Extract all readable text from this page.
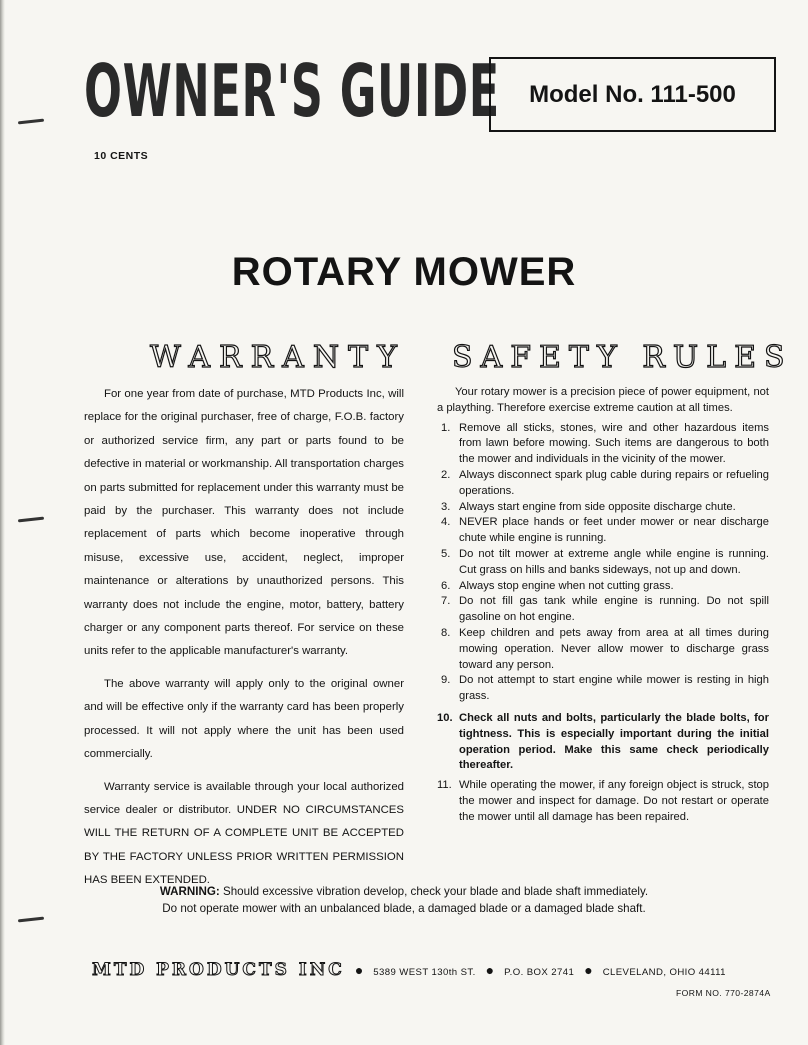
OWNER'S GUIDE Model No. 111-500
10 CENTS
ROTARY MOWER
WARRANTY SAFETY RULES

For one year from date of purchase, MTD Products Inc, will replace for the original purchaser, free of charge, F.O.B. factory or authorized service firm, any part or parts found to be defective in material or workmanship. All transportation charges on parts submitted for replacement under this warranty must be paid by the purchaser. This warranty does not include replacement of parts which become inoperative through misuse, excessive use, accident, neglect, improper maintenance or alterations by unauthorized persons. This warranty does not include the engine, motor, battery, battery charger or any component parts thereof. For service on these units refer to the applicable manufacturer's warranty.

The above warranty will apply only to the original owner and will be effective only if the warranty card has been properly processed. It will not apply where the unit has been used commercially.

Warranty service is available through your local authorized service dealer or distributor. UNDER NO CIRCUMSTANCES WILL THE RETURN OF A COMPLETE UNIT BE ACCEPTED BY THE FACTORY UNLESS PRIOR WRITTEN PERMISSION HAS BEEN EXTENDED.

Your rotary mower is a precision piece of power equipment, not a plaything. Therefore exercise extreme caution at all times.

1. Remove all sticks, stones, wire and other hazardous items from lawn before mowing. Such items are dangerous to both the mower and individuals in the vicinity of the mower.
2. Always disconnect spark plug cable during repairs or refueling operations.
3. Always start engine from side opposite discharge chute.
4. NEVER place hands or feet under mower or near discharge chute while engine is running.
5. Do not tilt mower at extreme angle while engine is running. Cut grass on hills and banks sideways, not up and down.
6. Always stop engine when not cutting grass.
7. Do not fill gas tank while engine is running. Do not spill gasoline on hot engine.
8. Keep children and pets away from area at all times during mowing operation. Never allow mower to discharge grass toward any person.
9. Do not attempt to start engine while mower is resting in high grass.
10. Check all nuts and bolts, particularly the blade bolts, for tightness. This is especially important during the initial operation period. Make this same check periodically thereafter.
11. While operating the mower, if any foreign object is struck, stop the mower and inspect for damage. Do not restart or operate the mower until all damage has been repaired.
WARNING: Should excessive vibration develop, check your blade and blade shaft immediately.
Do not operate mower with an unbalanced blade, a damaged blade or a damaged blade shaft.
MTD PRODUCTS INC ● 5389 WEST 130th ST. ● P.O. BOX 2741 ● CLEVELAND, OHIO 44111
FORM NO. 770-2874A
